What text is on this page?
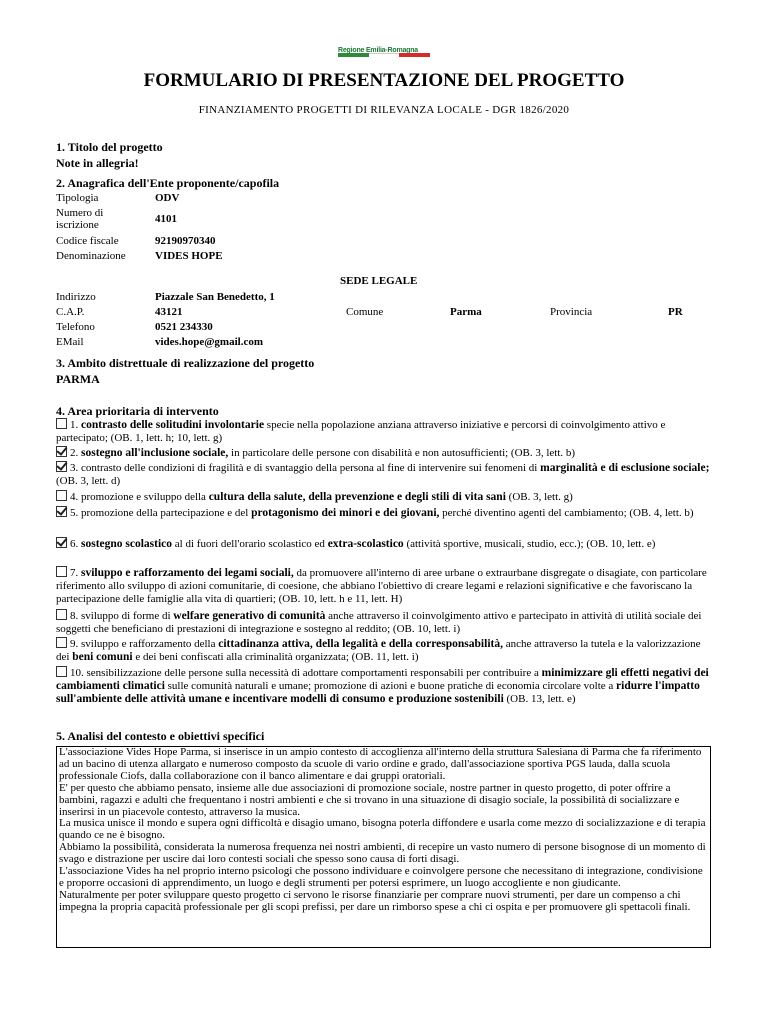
Regione Emilia-Romagna
FORMULARIO DI PRESENTAZIONE DEL PROGETTO
FINANZIAMENTO PROGETTI DI RILEVANZA LOCALE - DGR 1826/2020
1. Titolo del progetto
Note in allegria!
2. Anagrafica dell'Ente proponente/capofila
Tipologia	ODV
Numero di iscrizione	4101
Codice fiscale	92190970340
Denominazione	VIDES HOPE
SEDE LEGALE
Indirizzo	Piazzale San Benedetto, 1
C.A.P.	43121	Comune	Parma	Provincia	PR
Telefono	0521 234330
EMail	vides.hope@gmail.com
3. Ambito distrettuale di realizzazione del progetto
PARMA
4. Area prioritaria di intervento
1. contrasto delle solitudini involontarie specie nella popolazione anziana attraverso iniziative e percorsi di coinvolgimento attivo e partecipato; (OB. 1, lett. h; 10, lett. g)
2. sostegno all'inclusione sociale, in particolare delle persone con disabilità e non autosufficienti; (OB. 3, lett. b)
3. contrasto delle condizioni di fragilità e di svantaggio della persona al fine di intervenire sui fenomeni di marginalità e di esclusione sociale; (OB. 3, lett. d)
4. promozione e sviluppo della cultura della salute, della prevenzione e degli stili di vita sani (OB. 3, lett. g)
5. promozione della partecipazione e del protagonismo dei minori e dei giovani, perché diventino agenti del cambiamento; (OB. 4, lett. b)
6. sostegno scolastico al di fuori dell'orario scolastico ed extra-scolastico (attività sportive, musicali, studio, ecc.); (OB. 10, lett. e)
7. sviluppo e rafforzamento dei legami sociali, da promuovere all'interno di aree urbane o extraurbane disgregate o disagiate, con particolare riferimento allo sviluppo di azioni comunitarie, di coesione, che abbiano l'obiettivo di creare legami e relazioni significative e che favoriscano la partecipazione delle famiglie alla vita di quartieri; (OB. 10, lett. h e 11, lett. H)
8. sviluppo di forme di welfare generativo di comunità anche attraverso il coinvolgimento attivo e partecipato in attività di utilità sociale dei soggetti che beneficiano di prestazioni di integrazione e sostegno al reddito; (OB. 10, lett. i)
9. sviluppo e rafforzamento della cittadinanza attiva, della legalità e della corresponsabilità, anche attraverso la tutela e la valorizzazione dei beni comuni e dei beni confiscati alla criminalità organizzata; (OB. 11, lett. i)
10. sensibilizzazione delle persone sulla necessità di adottare comportamenti responsabili per contribuire a minimizzare gli effetti negativi dei cambiamenti climatici sulle comunità naturali e umane; promozione di azioni e buone pratiche di economia circolare volte a ridurre l'impatto sull'ambiente delle attività umane e incentivare modelli di consumo e produzione sostenibili (OB. 13, lett. e)
5. Analisi del contesto e obiettivi specifici

L'associazione Vides Hope Parma, si inserisce in un ampio contesto di accoglienza all'interno della struttura Salesiana di Parma che fa riferimento ad un bacino di utenza allargato e numeroso composto da scuole di vario ordine e grado, dall'associazione sportiva PGS lauda, dalla scuola professionale Ciofs, dalla collaborazione con il banco alimentare e dai gruppi oratoriali.

E' per questo che abbiamo pensato, insieme alle due associazioni di promozione sociale, nostre partner in questo progetto, di poter offrire a bambini, ragazzi e adulti che frequentano i nostri ambienti e che si trovano in una situazione di disagio sociale, la possibilità di socializzare e inserirsi in un piacevole contesto, attraverso la musica.

La musica unisce il mondo e supera ogni difficoltà e disagio umano, bisogna poterla diffondere e usarla come mezzo di socializzazione e di terapia quando ce ne è bisogno.

Abbiamo la possibilità, considerata la numerosa frequenza nei nostri ambienti, di recepire un vasto numero di persone bisognose di un momento di svago e distrazione per uscire dai loro contesti sociali che spesso sono causa di forti disagi.

L'associazione Vides ha nel proprio interno psicologi che possono individuare e coinvolgere persone che necessitano di integrazione, condivisione e proporre occasioni di apprendimento, un luogo e degli strumenti per potersi esprimere, un luogo accogliente e non giudicante.

Naturalmente per poter sviluppare questo progetto ci servono le risorse finanziarie per comprare nuovi strumenti, per dare un compenso a chi impegna la propria capacità professionale per gli scopi prefissi, per dare un rimborso spese a chi ci ospita e per promuovere gli spettacoli finali.
